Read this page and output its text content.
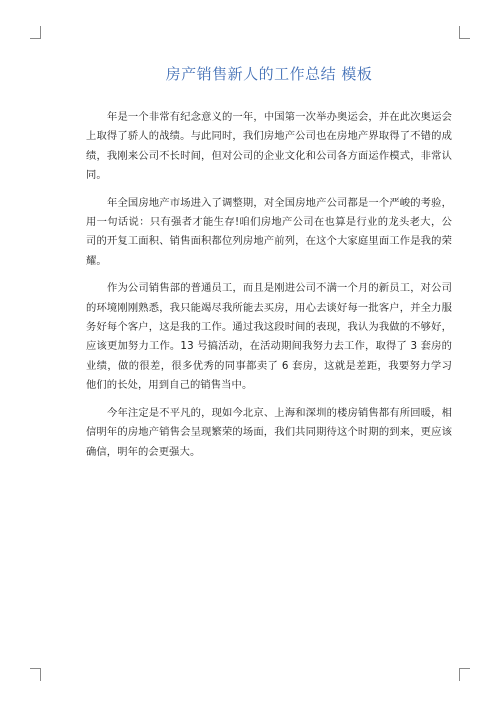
房产销售新人的工作总结 模板

年是一个非常有纪念意义的一年，中国第一次举办奥运会，并在此次奥运会上取得了骄人的战绩。与此同时，我们房地产公司也在房地产界取得了不错的成绩，我刚来公司不长时间，但对公司的企业文化和公司各方面运作模式，非常认同。

年全国房地产市场进入了调整期，对全国房地产公司都是一个严峻的考验，用一句话说：只有强者才能生存!咱们房地产公司在也算是行业的龙头老大，公司的开复工面积、销售面积都位列房地产前列，在这个大家庭里面工作是我的荣耀。

作为公司销售部的普通员工，而且是刚进公司不满一个月的新员工，对公司的环境刚刚熟悉，我只能竭尽我所能去买房，用心去谈好每一批客户，并全力服务好每个客户，这是我的工作。通过我这段时间的表现，我认为我做的不够好，应该更加努力工作。13 号搞活动，在活动期间我努力去工作，取得了 3 套房的业绩，做的很差，很多优秀的同事都卖了 6 套房，这就是差距，我要努力学习他们的长处，用到自己的销售当中。

今年注定是不平凡的，现如今北京、上海和深圳的楼房销售都有所回暖，相信明年的房地产销售会呈现繁荣的场面，我们共同期待这个时期的到来，更应该确信，明年的会更强大。
